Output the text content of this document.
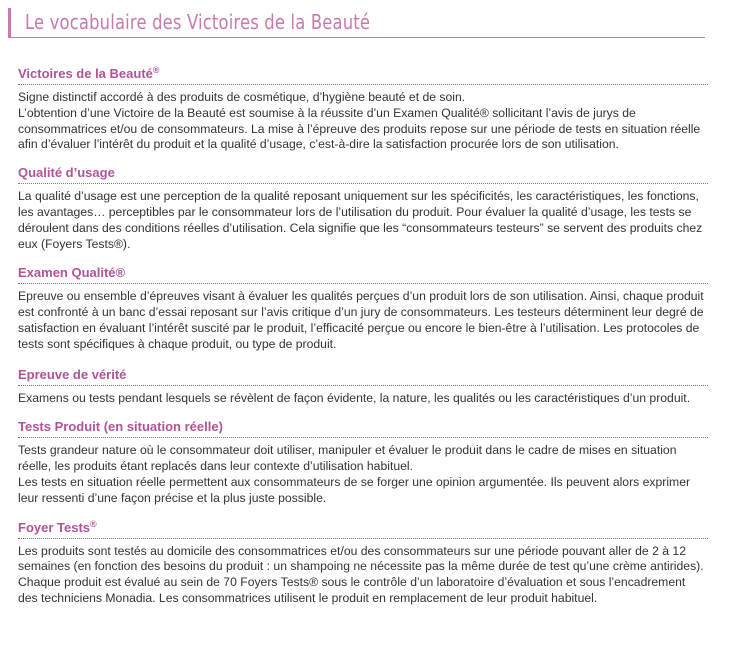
Le vocabulaire des Victoires de la Beauté
Victoires de la Beauté®

Signe distinctif accordé à des produits de cosmétique, d’hygiène beauté et de soin.

L’obtention d’une Victoire de la Beauté est soumise à la réussite d’un Examen Qualité® sollicitant l’avis de jurys de consommatrices et/ou de consommateurs. La mise à l’épreuve des produits repose sur une période de tests en situation réelle afin d’évaluer l’intérêt du produit et la qualité d’usage, c’est-à-dire la satisfaction procurée lors de son utilisation.

Qualité d’usage

La qualité d’usage est une perception de la qualité reposant uniquement sur les spécificités, les caractéristiques, les fonctions, les avantages… perceptibles par le consommateur lors de l’utilisation du produit. Pour évaluer la qualité d’usage, les tests se déroulent dans des conditions réelles d’utilisation. Cela signifie que les “consommateurs testeurs” se servent des produits chez eux (Foyers Tests®).

Examen Qualité®

Epreuve ou ensemble d’épreuves visant à évaluer les qualités perçues d’un produit lors de son utilisation. Ainsi, chaque produit est confronté à un banc d’essai reposant sur l’avis critique d’un jury de consommateurs. Les testeurs déterminent leur degré de satisfaction en évaluant l’intérêt suscité par le produit, l’efficacité perçue ou encore le bien-être à l’utilisation. Les protocoles de tests sont spécifiques à chaque produit, ou type de produit.

Epreuve de vérité

Examens ou tests pendant lesquels se révèlent de façon évidente, la nature, les qualités ou les caractéristiques d’un produit.

Tests Produit (en situation réelle)

Tests grandeur nature où le consommateur doit utiliser, manipuler et évaluer le produit dans le cadre de mises en situation réelle, les produits étant replacés dans leur contexte d’utilisation habituel.

Les tests en situation réelle permettent aux consommateurs de se forger une opinion argumentée. Ils peuvent alors exprimer leur ressenti d’une façon précise et la plus juste possible.

Foyer Tests®

Les produits sont testés au domicile des consommatrices et/ou des consommateurs sur une période pouvant aller de 2 à 12 semaines (en fonction des besoins du produit : un shampoing ne nécessite pas la même durée de test qu’une crème antirides). Chaque produit est évalué au sein de 70 Foyers Tests® sous le contrôle d’un laboratoire d’évaluation et sous l’encadrement des techniciens Monadia. Les consommatrices utilisent le produit en remplacement de leur produit habituel.
